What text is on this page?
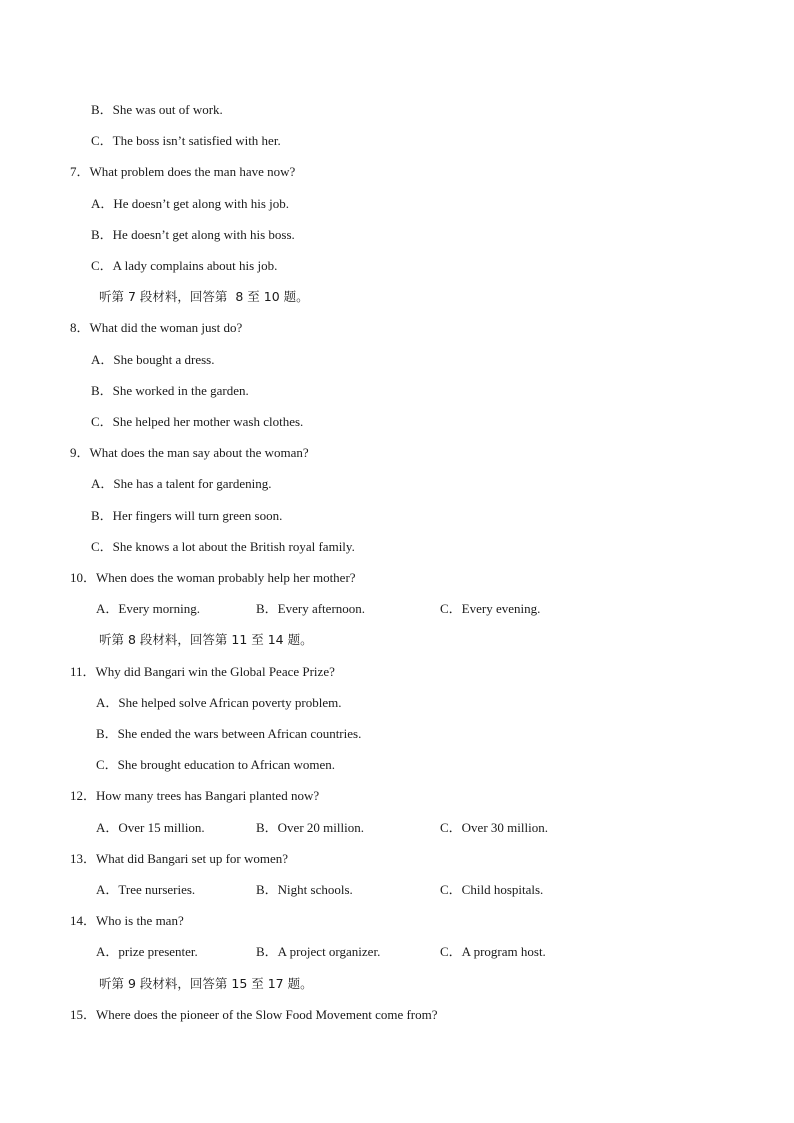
B．She was out of work.
C．The boss isn’t satisfied with her.
7．What problem does the man have now?
A．He doesn’t get along with his job.
B．He doesn’t get along with his boss.
C．A lady complains about his job.
听第 7 段材料，回答第  8 至 10 题。
8．What did the woman just do?
A．She bought a dress.
B．She worked in the garden.
C．She helped her mother wash clothes.
9．What does the man say about the woman?
A．She has a talent for gardening.
B．Her fingers will turn green soon.
C．She knows a lot about the British royal family.
10．When does the woman probably help her mother?
A．Every morning.	B．Every afternoon.	C．Every evening.
听第 8 段材料，回答第 11 至 14 题。
11．Why did Bangari win the Global Peace Prize?
A．She helped solve African poverty problem.
B．She ended the wars between African countries.
C．She brought education to African women.
12．How many trees has Bangari planted now?
A．Over 15 million.	B．Over 20 million.	C．Over 30 million.
13．What did Bangari set up for women?
A．Tree nurseries.	B．Night schools.	C．Child hospitals.
14．Who is the man?
A．prize presenter.	B．A project organizer.	C．A program host.
听第 9 段材料，回答第 15 至 17 题。
15．Where does the pioneer of the Slow Food Movement come from?
